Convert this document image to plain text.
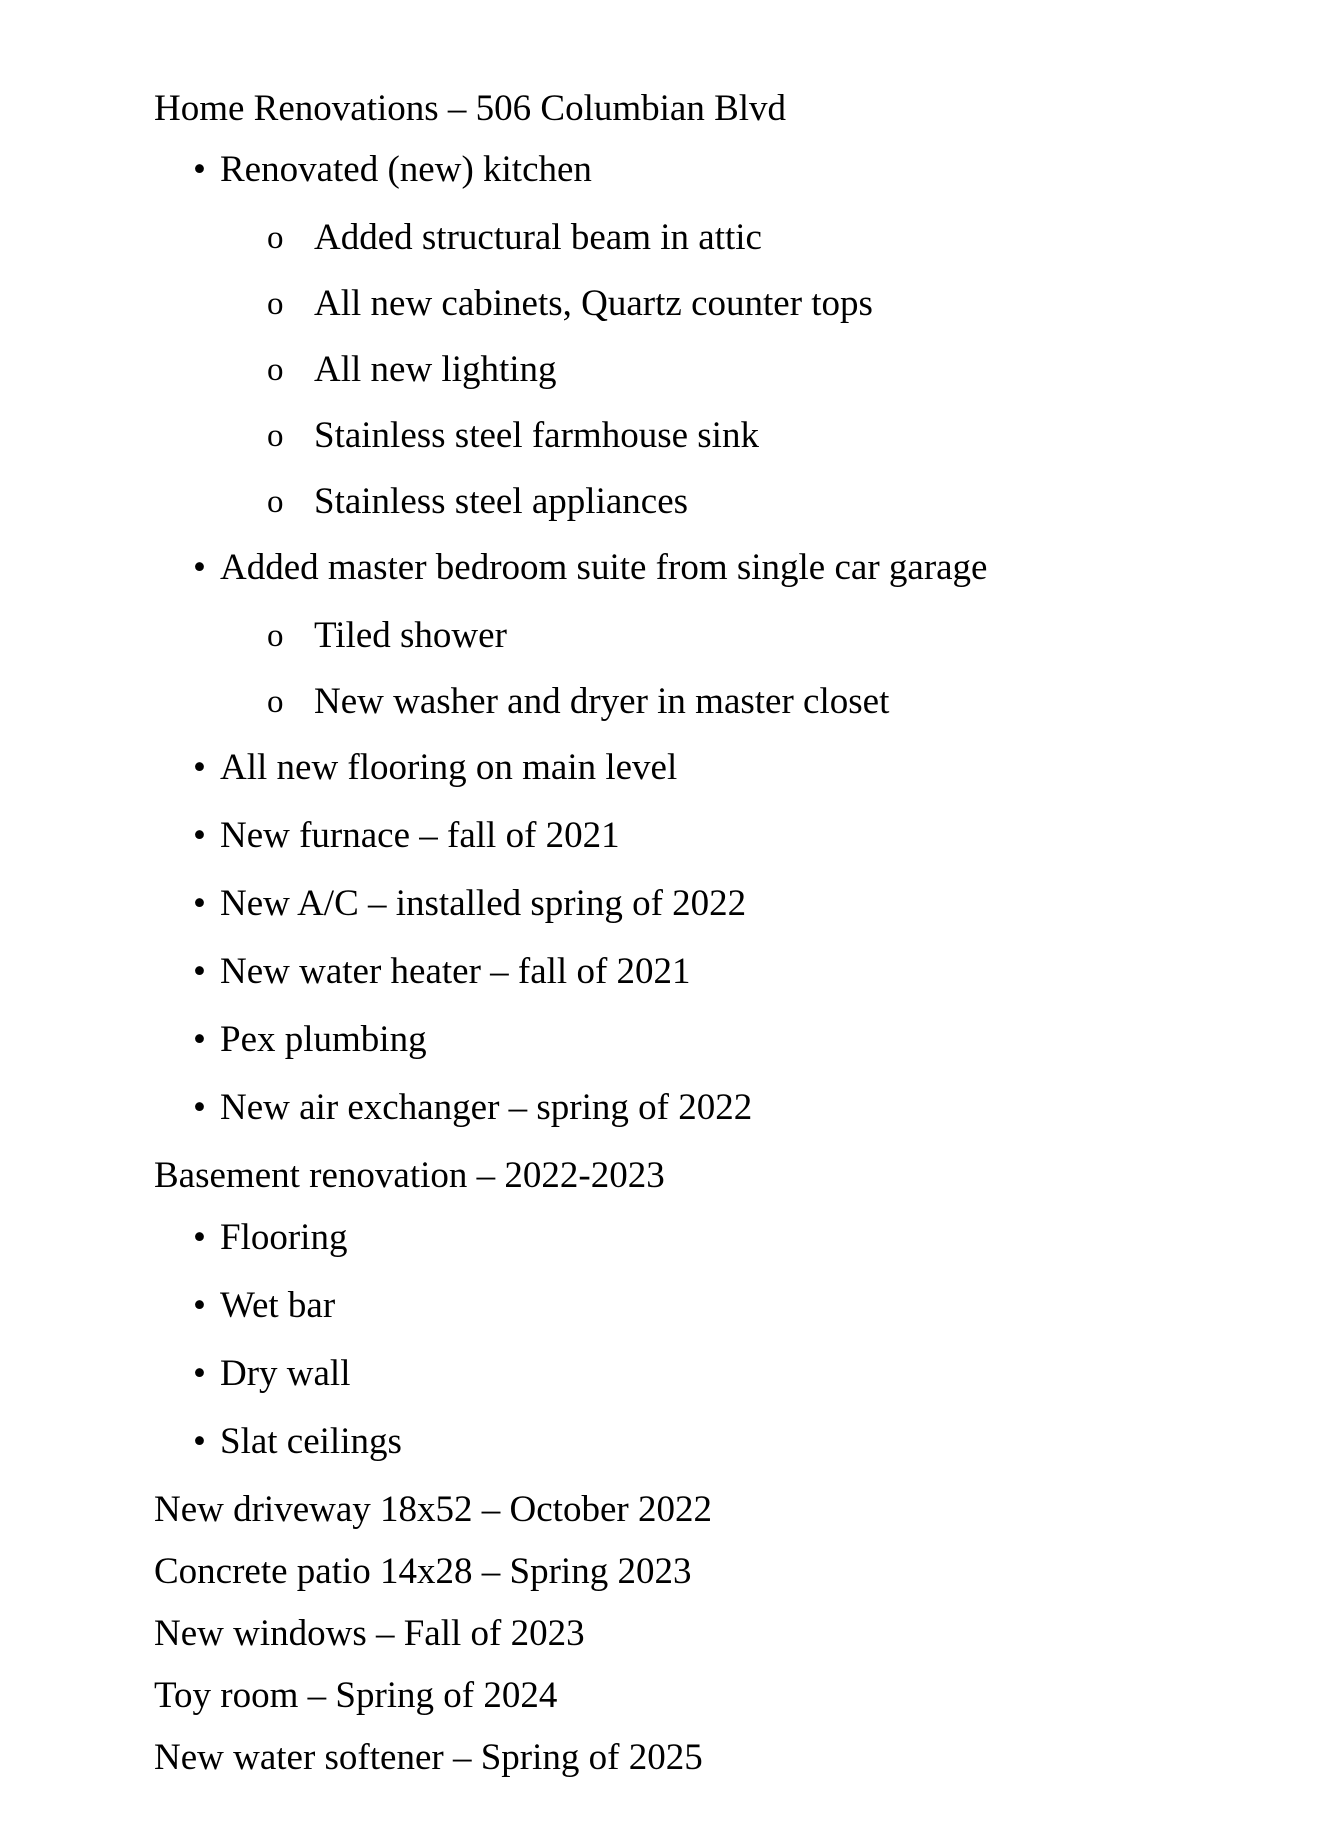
Home Renovations – 506 Columbian Blvd
• Renovated (new) kitchen
o Added structural beam in attic
o All new cabinets, Quartz counter tops
o All new lighting
o Stainless steel farmhouse sink
o Stainless steel appliances
• Added master bedroom suite from single car garage
o Tiled shower
o New washer and dryer in master closet
• All new flooring on main level
• New furnace – fall of 2021
• New A/C – installed spring of 2022
• New water heater – fall of 2021
• Pex plumbing
• New air exchanger – spring of 2022
Basement renovation – 2022-2023
• Flooring
• Wet bar
• Dry wall
• Slat ceilings
New driveway 18x52 – October 2022
Concrete patio 14x28 – Spring 2023
New windows – Fall of 2023
Toy room – Spring of 2024
New water softener – Spring of 2025
